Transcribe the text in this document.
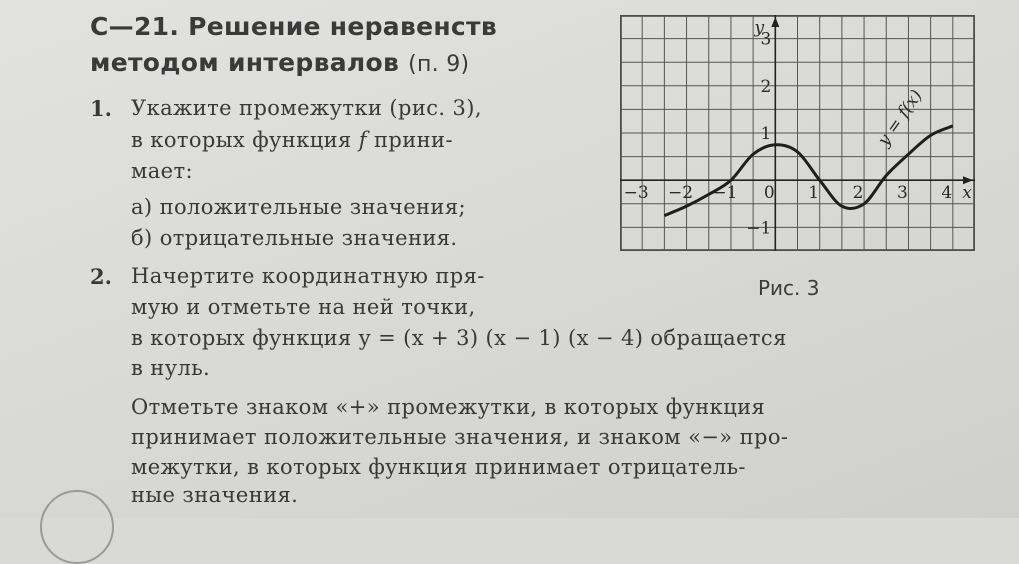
С—21. Решение неравенств
методом интервалов (п. 9)
1. Укажите промежутки (рис. 3),
в которых функция f прини-
мает:
а) положительные значения;
б) отрицательные значения.
2. Начертите координатную пря-
мую и отметьте на ней точки,
в которых функция y = (x + 3) (x − 1) (x − 4) обращается
в нуль.
Отметьте знаком «+» промежутки, в которых функция
принимает положительные значения, и знаком «−» про-
межутки, в которых функция принимает отрицатель-
ные значения.
−3 −2 −1 0 1 2 3 4
3
2
1
−1
x
y
y = f(x)
Рис. 3
